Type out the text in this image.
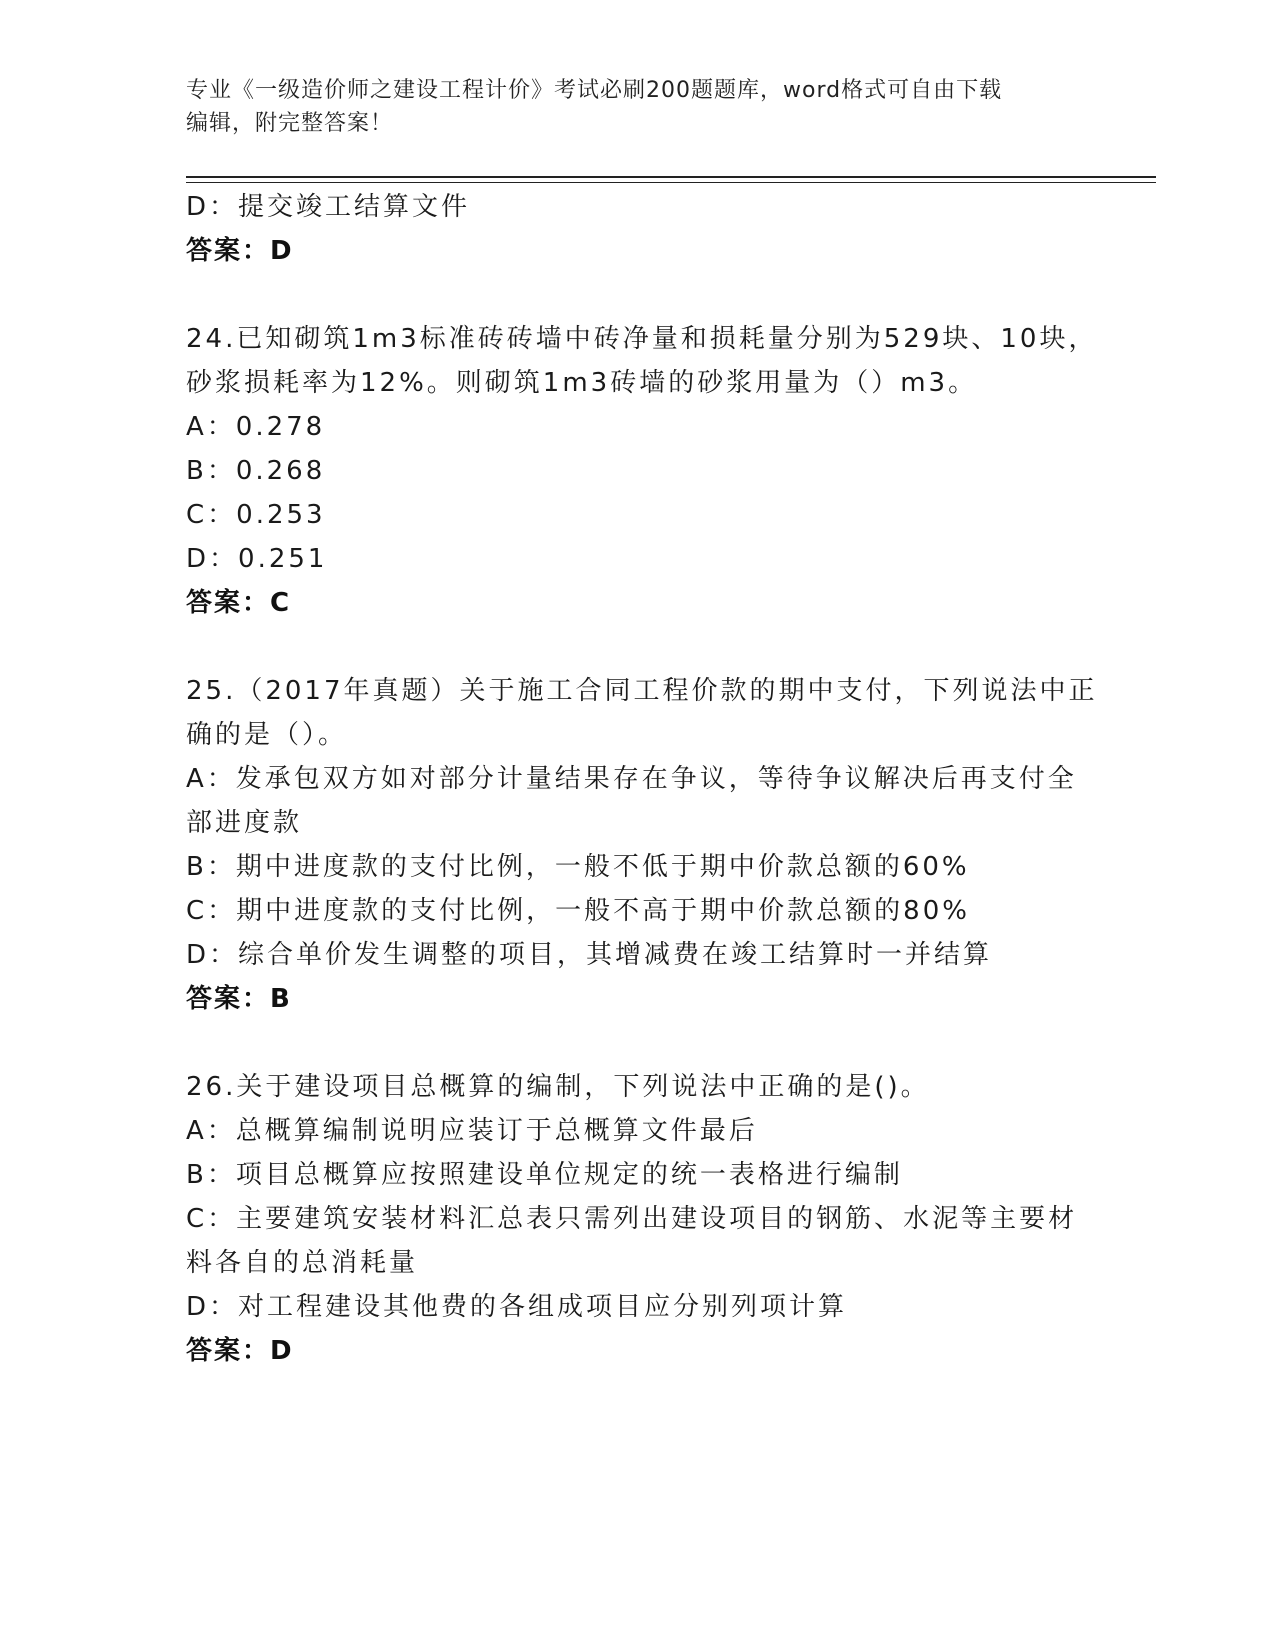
专业《一级造价师之建设工程计价》考试必刷200题题库，word格式可自由下载
编辑，附完整答案！
D：提交竣工结算文件
答案：D
24.已知砌筑1m3标准砖砖墙中砖净量和损耗量分别为529块、10块，
砂浆损耗率为12%。则砌筑1m3砖墙的砂浆用量为（）m3。
A：0.278
B：0.268
C：0.253
D：0.251
答案：C
25.（2017年真题）关于施工合同工程价款的期中支付，下列说法中正
确的是（）。
A：发承包双方如对部分计量结果存在争议，等待争议解决后再支付全
部进度款
B：期中进度款的支付比例，一般不低于期中价款总额的60%
C：期中进度款的支付比例，一般不高于期中价款总额的80%
D：综合单价发生调整的项目，其增减费在竣工结算时一并结算
答案：B
26.关于建设项目总概算的编制，下列说法中正确的是()。
A：总概算编制说明应装订于总概算文件最后
B：项目总概算应按照建设单位规定的统一表格进行编制
C：主要建筑安装材料汇总表只需列出建设项目的钢筋、水泥等主要材
料各自的总消耗量
D：对工程建设其他费的各组成项目应分别列项计算
答案：D
